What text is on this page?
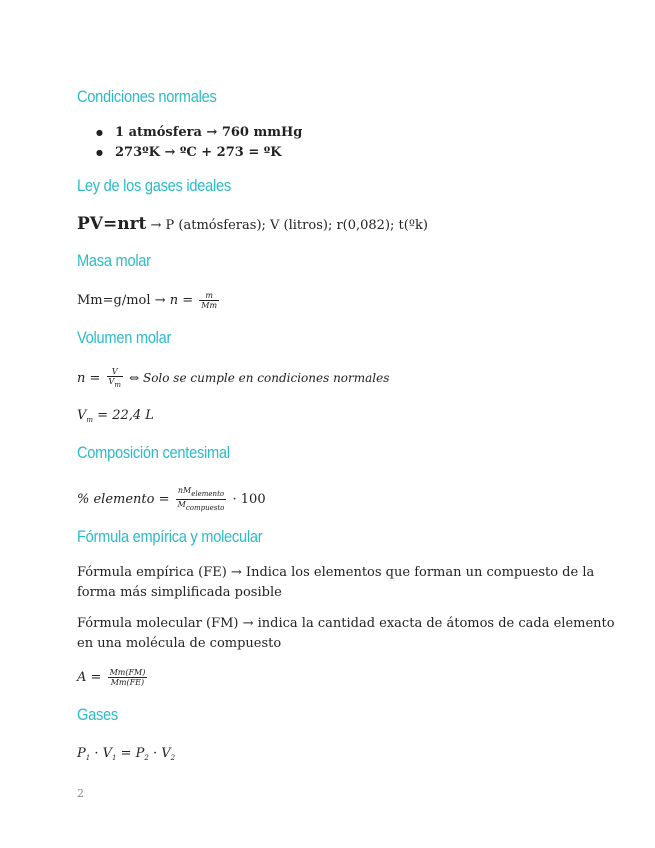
Condiciones normales
● 1 atmósfera → 760 mmHg
● 273ºK → ºC + 273 = ºK
Ley de los gases ideales
PV=nrt → P (atmósferas); V (litros); r(0,082); t(ºk)
Masa molar
$Mm=g/mol \to n = \frac{m}{Mm}$
Volumen molar
$n = \frac{V}{Vm}$ ⇔ Solo se cumple en condiciones normales
$V_m = 22,4$ L
Composición centesimal
% elemento = $\frac{\text{nMelemento}}{\text{Mcompuesto}} \cdot 100$
Fórmula empírica y molecular
Fórmula empírica (FE) → Indica los elementos que forman un compuesto de la
forma más simplificada posible
Fórmula molecular (FM) → indica la cantidad exacta de átomos de cada elemento
en una molécula de compuesto
$A = \frac{Mm(FM)}{Mm(FE)}$
Gases
$P_1 \cdot V_1 = P_2 \cdot V_2$
2
